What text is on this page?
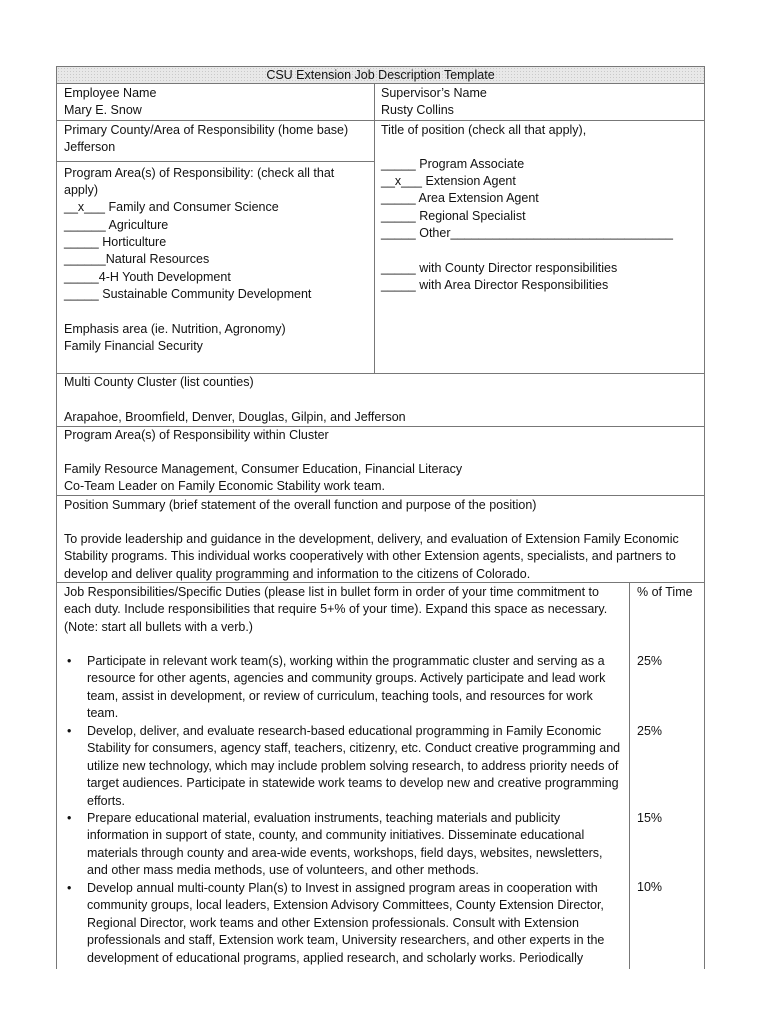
CSU Extension Job Description Template
Employee Name
Mary E. Snow
Supervisor’s Name
Rusty Collins
Primary County/Area of Responsibility (home base)
Jefferson
Program Area(s) of Responsibility: (check all that
apply)
__x___ Family and Consumer Science
______ Agriculture
_____ Horticulture
______Natural Resources
_____4-H Youth Development
_____ Sustainable Community Development
Emphasis area (ie. Nutrition, Agronomy)
Family Financial Security
Title of position (check all that apply),
_____ Program Associate
__x___ Extension Agent
_____ Area Extension Agent
_____ Regional Specialist
_____ Other________________________________
_____ with County Director responsibilities
_____ with Area Director Responsibilities
Multi County Cluster (list counties)
Arapahoe, Broomfield, Denver, Douglas, Gilpin, and Jefferson
Program Area(s) of Responsibility within Cluster
Family Resource Management, Consumer Education, Financial Literacy
Co-Team Leader on Family Economic Stability work team.
Position Summary (brief statement of the overall function and purpose of the position)
To provide leadership and guidance in the development, delivery, and evaluation of Extension Family Economic Stability programs. This individual works cooperatively with other Extension agents, specialists, and partners to develop and deliver quality programming and information to the citizens of Colorado.
Job Responsibilities/Specific Duties (please list in bullet form in order of your time commitment to each duty. Include responsibilities that require 5+% of your time). Expand this space as necessary. (Note: start all bullets with a verb.)
% of Time
• Participate in relevant work team(s), working within the programmatic cluster and serving as a resource for other agents, agencies and community groups. Actively participate and lead work team, assist in development, or review of curriculum, teaching tools, and resources for work team.
• Develop, deliver, and evaluate research-based educational programming in Family Economic Stability for consumers, agency staff, teachers, citizenry, etc. Conduct creative programming and utilize new technology, which may include problem solving research, to address priority needs of target audiences. Participate in statewide work teams to develop new and creative programming efforts.
• Prepare educational material, evaluation instruments, teaching materials and publicity information in support of state, county, and community initiatives. Disseminate educational materials through county and area-wide events, workshops, field days, websites, newsletters, and other mass media methods, use of volunteers, and other methods.
• Develop annual multi-county Plan(s) to Invest in assigned program areas in cooperation with community groups, local leaders, Extension Advisory Committees, County Extension Director, Regional Director, work teams and other Extension professionals. Consult with Extension professionals and staff, Extension work team, University researchers, and other experts in the development of educational programs, applied research, and scholarly works. Periodically
25%
25%
15%
10%
